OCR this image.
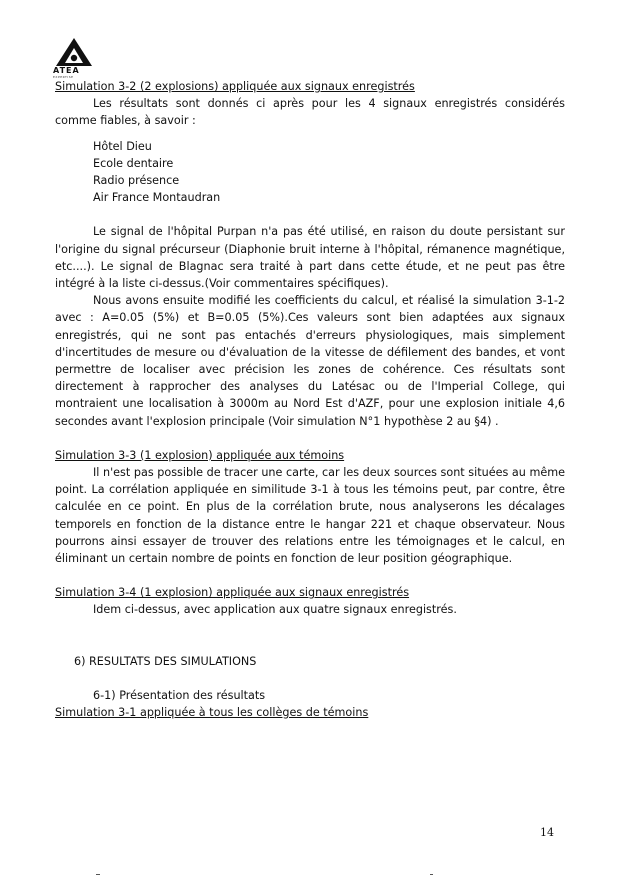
ATEA
EXPERTISE
Simulation 3-2 (2 explosions) appliquée aux signaux enregistrés

Les résultats sont donnés ci après pour les 4 signaux enregistrés considérés comme fiables, à savoir :

Hôtel Dieu
Ecole dentaire
Radio présence
Air France Montaudran

Le signal de l'hôpital Purpan n'a pas été utilisé, en raison du doute persistant sur l'origine du signal précurseur (Diaphonie bruit interne à l'hôpital, rémanence magnétique, etc....). Le signal de Blagnac sera traité à part dans cette étude, et ne peut pas être intégré à la liste ci-dessus.(Voir commentaires spécifiques).

Nous avons ensuite modifié les coefficients du calcul, et réalisé la simulation 3-1-2 avec : A=0.05 (5%) et B=0.05 (5%).Ces valeurs sont bien adaptées aux signaux enregistrés, qui ne sont pas entachés d'erreurs physiologiques, mais simplement d'incertitudes de mesure ou d'évaluation de la vitesse de défilement des bandes, et vont permettre de localiser avec précision les zones de cohérence. Ces résultats sont directement à rapprocher des analyses du Latésac ou de l'Imperial College, qui montraient une localisation à 3000m au Nord Est d'AZF, pour une explosion initiale 4,6 secondes avant l'explosion principale (Voir simulation N°1 hypothèse 2 au §4) .

Simulation 3-3 (1 explosion) appliquée aux témoins

Il n'est pas possible de tracer une carte, car les deux sources sont situées au même point. La corrélation appliquée en similitude 3-1 à tous les témoins peut, par contre, être calculée en ce point. En plus de la corrélation brute, nous analyserons les décalages temporels en fonction de la distance entre le hangar 221 et chaque observateur. Nous pourrons ainsi essayer de trouver des relations entre les témoignages et le calcul, en éliminant un certain nombre de points en fonction de leur position géographique.

Simulation 3-4 (1 explosion) appliquée aux signaux enregistrés

Idem ci-dessus, avec application aux quatre signaux enregistrés.

6) RESULTATS DES SIMULATIONS
6-1) Présentation des résultats
Simulation 3-1 appliquée à tous les collèges de témoins
14
